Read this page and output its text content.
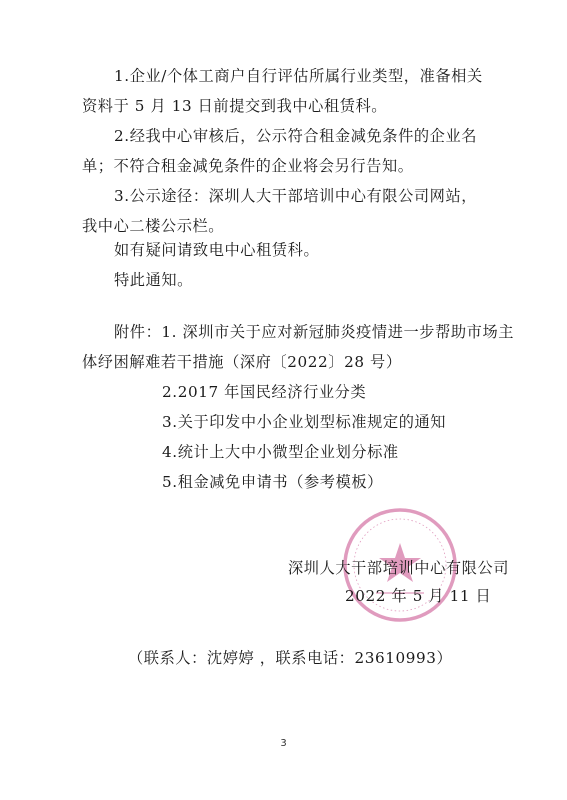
1.企业/个体工商户自行评估所属行业类型，准备相关
资料于 5 月 13 日前提交到我中心租赁科。
2.经我中心审核后，公示符合租金减免条件的企业名
单；不符合租金减免条件的企业将会另行告知。
3.公示途径：深圳人大干部培训中心有限公司网站，
我中心二楼公示栏。
如有疑问请致电中心租赁科。
特此通知。
附件：1. 深圳市关于应对新冠肺炎疫情进一步帮助市场主
体纾困解难若干措施（深府〔2022〕28 号）
2.2017 年国民经济行业分类
3.关于印发中小企业划型标准规定的通知
4.统计上大中小微型企业划分标准
5.租金减免申请书（参考模板）
深圳人大干部培训中心有限公司
2022 年 5 月 11 日
（联系人：沈婷婷 ，联系电话：23610993）
3
